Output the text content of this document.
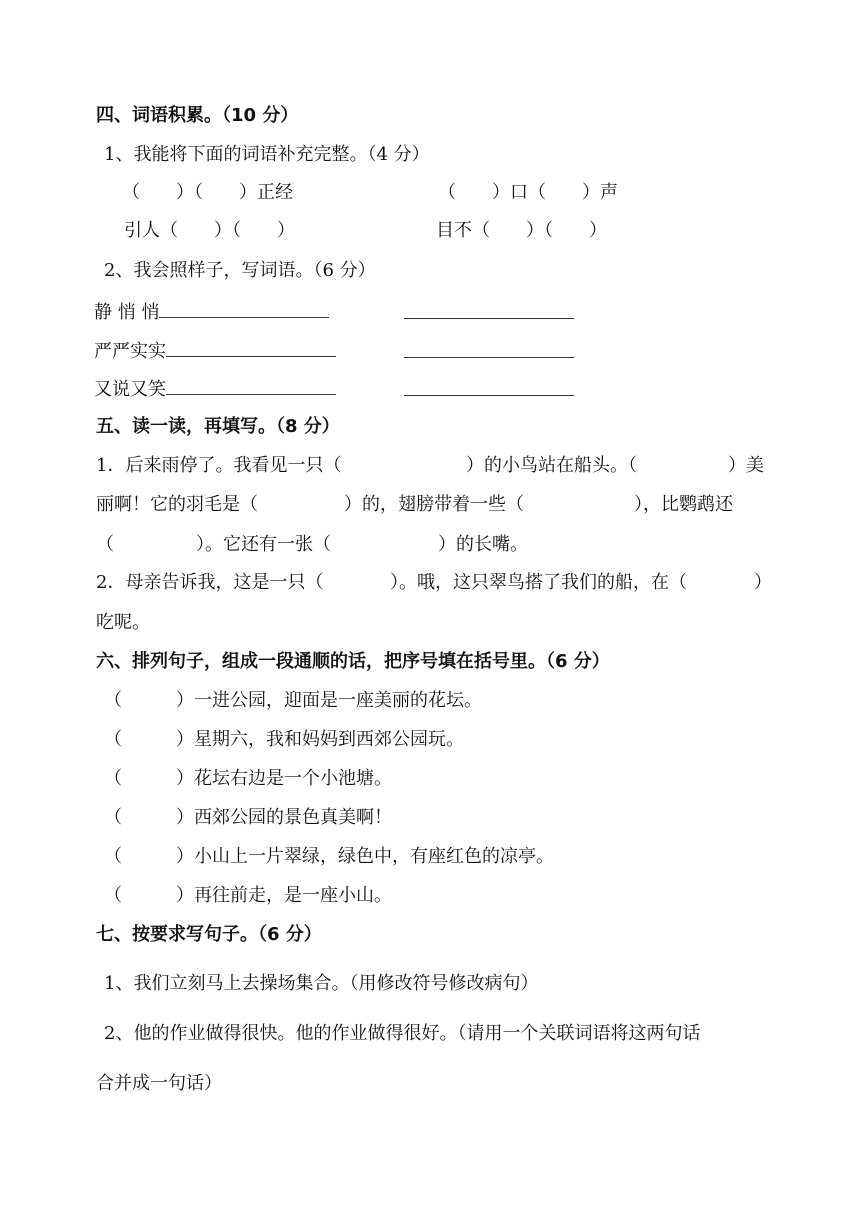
四、词语积累。（10 分）
1、我能将下面的词语补充完整。（4 分）
（　　）（　　）正经	（　　）口（　　）声
引人（　　）（　　）	目不（　　）（　　）
2、我会照样子，写词语。（6 分）
静 悄 悄
严严实实
又说又笑
五、读一读，再填写。（8 分）
1．后来雨停了。我看见一只（	）的小鸟站在船头。（	）美
丽啊！它的羽毛是（	）的，翅膀带着一些（	），比鹦鹉还
（	）。它还有一张（	）的长嘴。
2．母亲告诉我，这是一只（	）。哦，这只翠鸟搭了我们的船，在（	）
吃呢。
六、排列句子，组成一段通顺的话，把序号填在括号里。（6 分）
（　　　）一进公园，迎面是一座美丽的花坛。
（　　　）星期六，我和妈妈到西郊公园玩。
（　　　）花坛右边是一个小池塘。
（　　　）西郊公园的景色真美啊！
（　　　）小山上一片翠绿，绿色中，有座红色的凉亭。
（　　　）再往前走，是一座小山。
七、按要求写句子。（6 分）
1、我们立刻马上去操场集合。（用修改符号修改病句）
2、他的作业做得很快。他的作业做得很好。（请用一个关联词语将这两句话
合并成一句话）
